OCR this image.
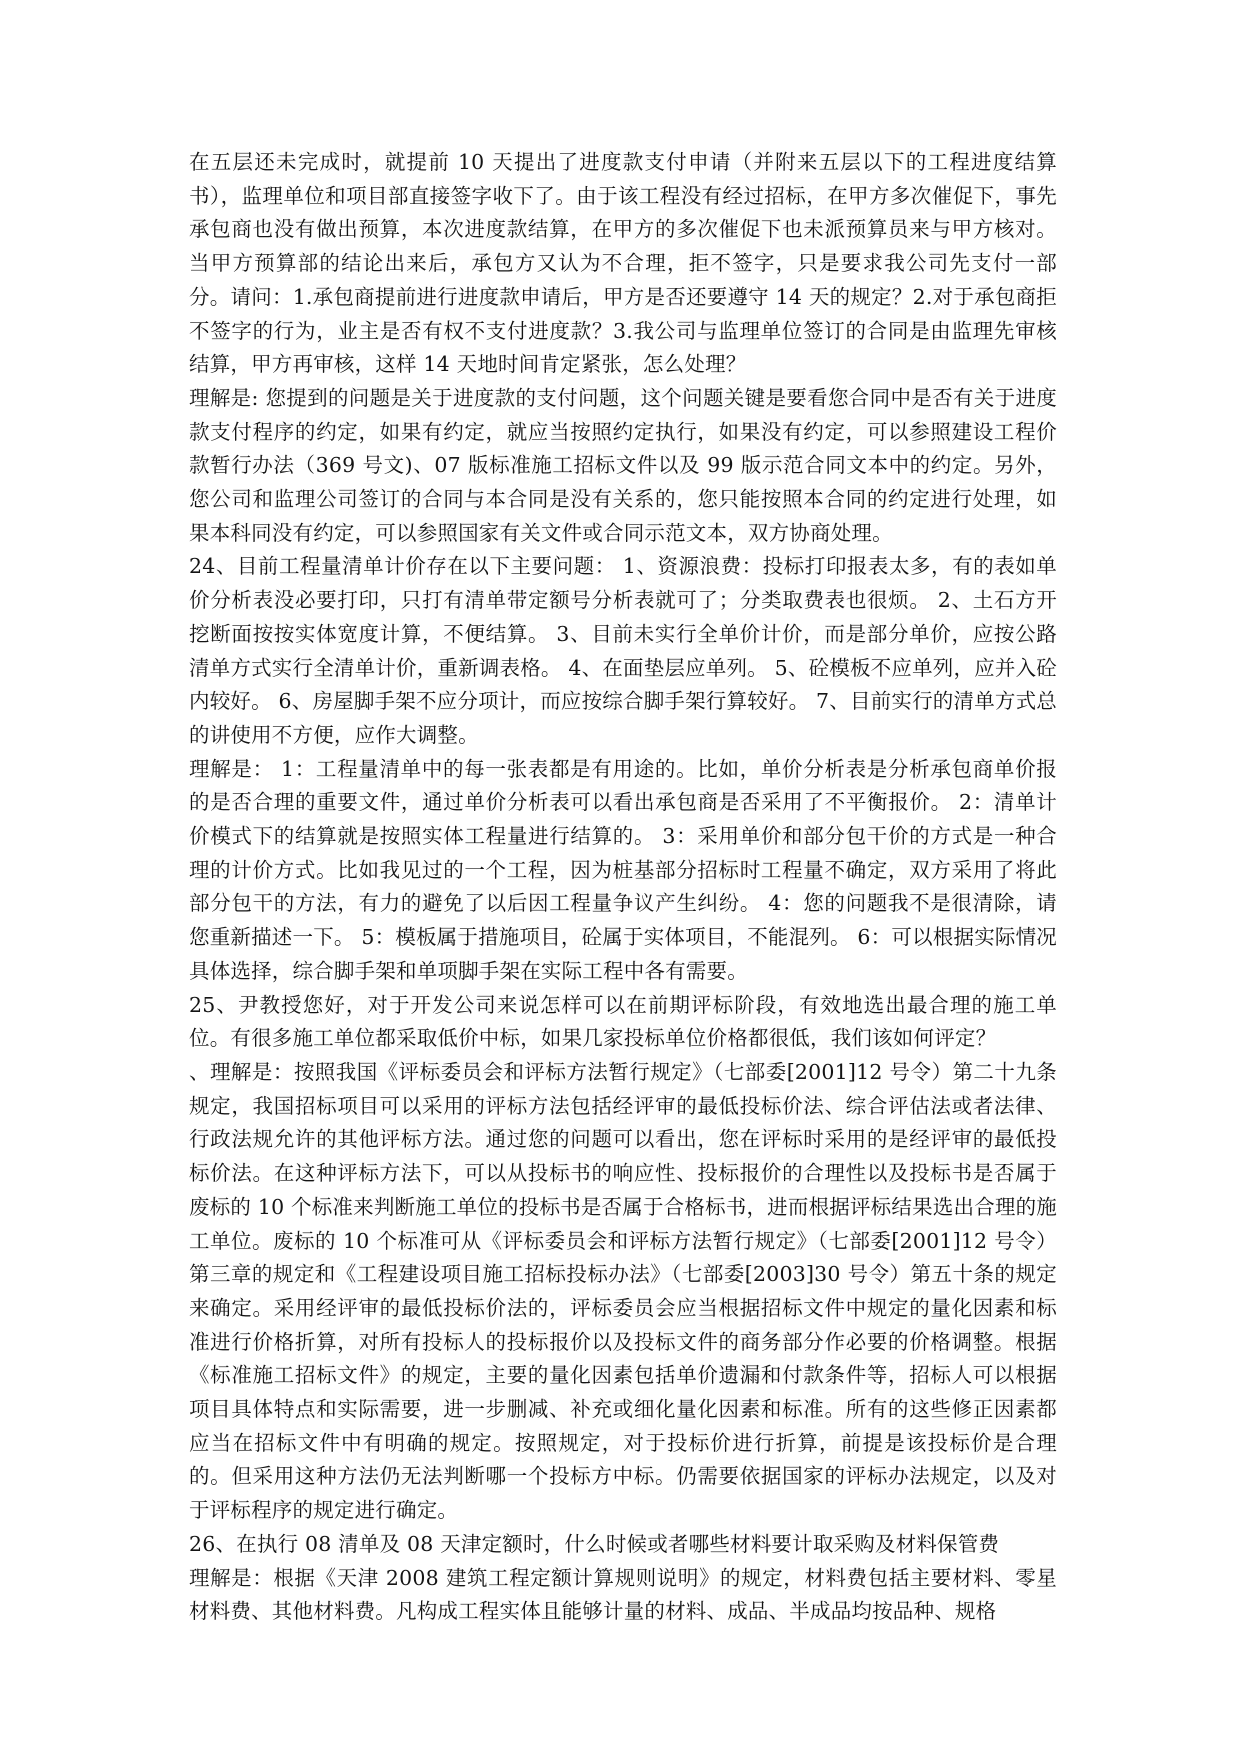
在五层还未完成时，就提前 10 天提出了进度款支付申请（并附来五层以下的工程进度结算书），监理单位和项目部直接签字收下了。由于该工程没有经过招标，在甲方多次催促下，事先承包商也没有做出预算，本次进度款结算，在甲方的多次催促下也未派预算员来与甲方核对。当甲方预算部的结论出来后，承包方又认为不合理，拒不签字，只是要求我公司先支付一部分。请问：1.承包商提前进行进度款申请后，甲方是否还要遵守 14 天的规定？2.对于承包商拒不签字的行为，业主是否有权不支付进度款？3.我公司与监理单位签订的合同是由监理先审核结算，甲方再审核，这样 14 天地时间肯定紧张，怎么处理？

理解是: 您提到的问题是关于进度款的支付问题，这个问题关键是要看您合同中是否有关于进度款支付程序的约定，如果有约定，就应当按照约定执行，如果没有约定，可以参照建设工程价款暂行办法（369 号文)、07 版标准施工招标文件以及 99 版示范合同文本中的约定。另外，您公司和监理公司签订的合同与本合同是没有关系的，您只能按照本合同的约定进行处理，如果本科同没有约定，可以参照国家有关文件或合同示范文本，双方协商处理。

24、目前工程量清单计价存在以下主要问题： 1、资源浪费：投标打印报表太多，有的表如单价分析表没必要打印，只打有清单带定额号分析表就可了；分类取费表也很烦。 2、土石方开挖断面按按实体宽度计算，不便结算。 3、目前未实行全单价计价，而是部分单价，应按公路清单方式实行全清单计价，重新调表格。 4、在面垫层应单列。 5、砼模板不应单列，应并入砼内较好。 6、房屋脚手架不应分项计，而应按综合脚手架行算较好。 7、目前实行的清单方式总的讲使用不方便，应作大调整。

理解是： 1：工程量清单中的每一张表都是有用途的。比如，单价分析表是分析承包商单价报的是否合理的重要文件，通过单价分析表可以看出承包商是否采用了不平衡报价。 2：清单计价模式下的结算就是按照实体工程量进行结算的。 3：采用单价和部分包干价的方式是一种合理的计价方式。比如我见过的一个工程，因为桩基部分招标时工程量不确定，双方采用了将此部分包干的方法，有力的避免了以后因工程量争议产生纠纷。 4：您的问题我不是很清除，请您重新描述一下。 5：模板属于措施项目，砼属于实体项目，不能混列。 6：可以根据实际情况具体选择，综合脚手架和单项脚手架在实际工程中各有需要。

25、尹教授您好，对于开发公司来说怎样可以在前期评标阶段，有效地选出最合理的施工单位。有很多施工单位都采取低价中标，如果几家投标单位价格都很低，我们该如何评定？

、理解是：按照我国《评标委员会和评标方法暂行规定》（七部委[2001]12 号令）第二十九条规定，我国招标项目可以采用的评标方法包括经评审的最低投标价法、综合评估法或者法律、行政法规允许的其他评标方法。通过您的问题可以看出，您在评标时采用的是经评审的最低投标价法。在这种评标方法下，可以从投标书的响应性、投标报价的合理性以及投标书是否属于废标的 10 个标准来判断施工单位的投标书是否属于合格标书，进而根据评标结果选出合理的施工单位。废标的 10 个标准可从《评标委员会和评标方法暂行规定》（七部委[2001]12 号令）第三章的规定和《工程建设项目施工招标投标办法》（七部委[2003]30 号令）第五十条的规定来确定。采用经评审的最低投标价法的，评标委员会应当根据招标文件中规定的量化因素和标准进行价格折算，对所有投标人的投标报价以及投标文件的商务部分作必要的价格调整。根据《标准施工招标文件》的规定，主要的量化因素包括单价遗漏和付款条件等，招标人可以根据项目具体特点和实际需要，进一步删减、补充或细化量化因素和标准。所有的这些修正因素都应当在招标文件中有明确的规定。按照规定，对于投标价进行折算，前提是该投标价是合理的。但采用这种方法仍无法判断哪一个投标方中标。仍需要依据国家的评标办法规定，以及对于评标程序的规定进行确定。

26、在执行 08 清单及 08 天津定额时，什么时候或者哪些材料要计取采购及材料保管费

理解是：根据《天津 2008 建筑工程定额计算规则说明》的规定，材料费包括主要材料、零星材料费、其他材料费。凡构成工程实体且能够计量的材料、成品、半成品均按品种、规格
